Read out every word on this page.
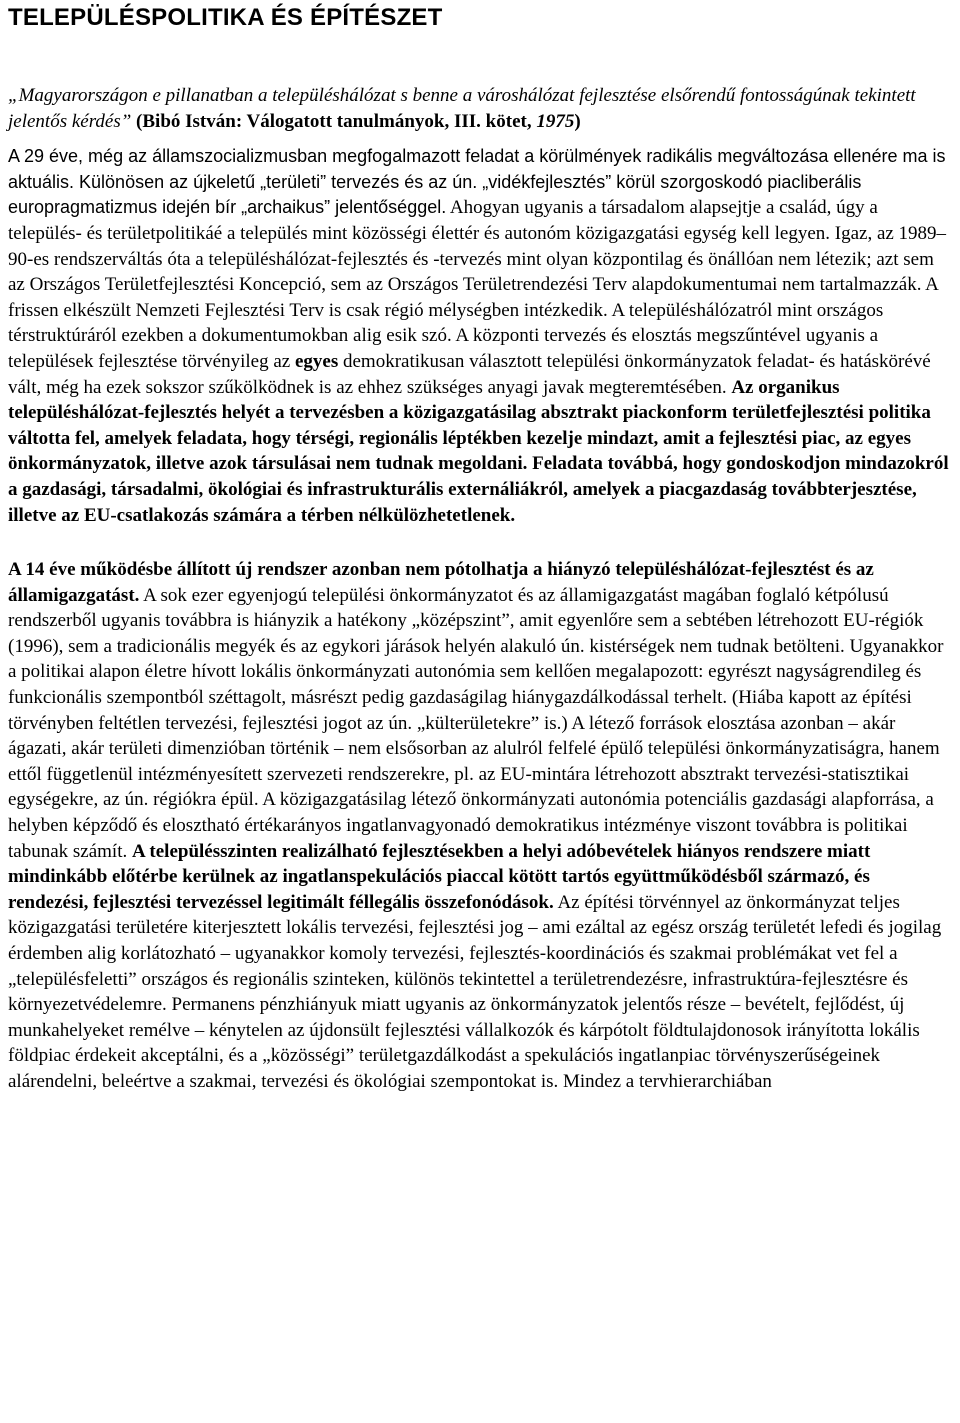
TELEPÜLÉSPOLITIKA ÉS ÉPÍTÉSZET

„Magyarországon e pillanatban a településhálózat s benne a városhálózat fejlesztése elsőrendű fontosságúnak tekintett jelentős kérdés” (Bibó István: Válogatott tanulmányok, III. kötet, 1975)

A 29 éve, még az államszocializmusban megfogalmazott feladat a körülmények radikális megváltozása ellenére ma is aktuális. Különösen az újkeletű „területi” tervezés és az ún. „vidékfejlesztés” körül szorgoskodó piacliberális europragmatizmus idején bír „archaikus” jelentőséggel. Ahogyan ugyanis a társadalom alapsejtje a család, úgy a település- és területpolitikáé a település mint közösségi élettér és autonóm közigazgatási egység kell legyen. Igaz, az 1989–90-es rendszerváltás óta a településhálózat-fejlesztés és -tervezés mint olyan központilag és önállóan nem létezik; azt sem az Országos Területfejlesztési Koncepció, sem az Országos Területrendezési Terv alapdokumentumai nem tartalmazzák. A frissen elkészült Nemzeti Fejlesztési Terv is csak régió mélységben intézkedik. A településhálózatról mint országos térstruktúráról ezekben a dokumentumokban alig esik szó. A központi tervezés és elosztás megszűntével ugyanis a települések fejlesztése törvényileg az egyes demokratikusan választott települési önkormányzatok feladat- és hatáskörévé vált, még ha ezek sokszor szűkölködnek is az ehhez szükséges anyagi javak megteremtésében. Az organikus településhálózat-fejlesztés helyét a tervezésben a közigazgatásilag absztrakt piackonform területfejlesztési politika váltotta fel, amelyek feladata, hogy térségi, regionális léptékben kezelje mindazt, amit a fejlesztési piac, az egyes önkormányzatok, illetve azok társulásai nem tudnak megoldani. Feladata továbbá, hogy gondoskodjon mindazokról a gazdasági, társadalmi, ökológiai és infrastrukturális externáliákról, amelyek a piacgazdaság továbbterjesztése, illetve az EU-csatlakozás számára a térben nélkülözhetetlenek.

A 14 éve működésbe állított új rendszer azonban nem pótolhatja a hiányzó településhálózat-fejlesztést és az államigazgatást. A sok ezer egyenjogú települési önkormányzatot és az államigazgatást magában foglaló kétpólusú rendszerből ugyanis továbbra is hiányzik a hatékony „középszint”, amit egyenlőre sem a sebtében létrehozott EU-régiók (1996), sem a tradicionális megyék és az egykori járások helyén alakuló ún. kistérségek nem tudnak betölteni. Ugyanakkor a politikai alapon életre hívott lokális önkormányzati autonómia sem kellően megalapozott: egyrészt nagyságrendileg és funkcionális szempontból széttagolt, másrészt pedig gazdaságilag hiánygazdálkodással terhelt. (Hiába kapott az építési törvényben feltétlen tervezési, fejlesztési jogot az ún. „külterületekre” is.) A létező források elosztása azonban – akár ágazati, akár területi dimenzióban történik – nem elsősorban az alulról felfelé épülő települési önkormányzatiságra, hanem ettől függetlenül intézményesített szervezeti rendszerekre, pl. az EU-mintára létrehozott absztrakt tervezési-statisztikai egységekre, az ún. régiókra épül. A közigazgatásilag létező önkormányzati autonómia potenciális gazdasági alapforrása, a helyben képződő és elosztható értékarányos ingatlanvagyonadó demokratikus intézménye viszont továbbra is politikai tabunak számít. A településszinten realizálható fejlesztésekben a helyi adóbevételek hiányos rendszere miatt mindinkább előtérbe kerülnek az ingatlanspekulációs piaccal kötött tartós együttműködésből származó, és rendezési, fejlesztési tervezéssel legitimált féllegális összefonódások. Az építési törvénnyel az önkormányzat teljes közigazgatási területére kiterjesztett lokális tervezési, fejlesztési jog – ami ezáltal az egész ország területét lefedi és jogilag érdemben alig korlátozható – ugyanakkor komoly tervezési, fejlesztés-koordinációs és szakmai problémákat vet fel a „településfeletti” országos és regionális szinteken, különös tekintettel a területrendezésre, infrastruktúra-fejlesztésre és környezetvédelemre. Permanens pénzhiányuk miatt ugyanis az önkormányzatok jelentős része – bevételt, fejlődést, új munkahelyeket remélve – kénytelen az újdonsült fejlesztési vállalkozók és kárpótolt földtulajdonosok irányította lokális földpiac érdekeit akceptálni, és a „közösségi” területgazdálkodást a spekulációs ingatlanpiac törvényszerűségeinek alárendelni, beleértve a szakmai, tervezési és ökológiai szempontokat is. Mindez a tervhierarchiában
